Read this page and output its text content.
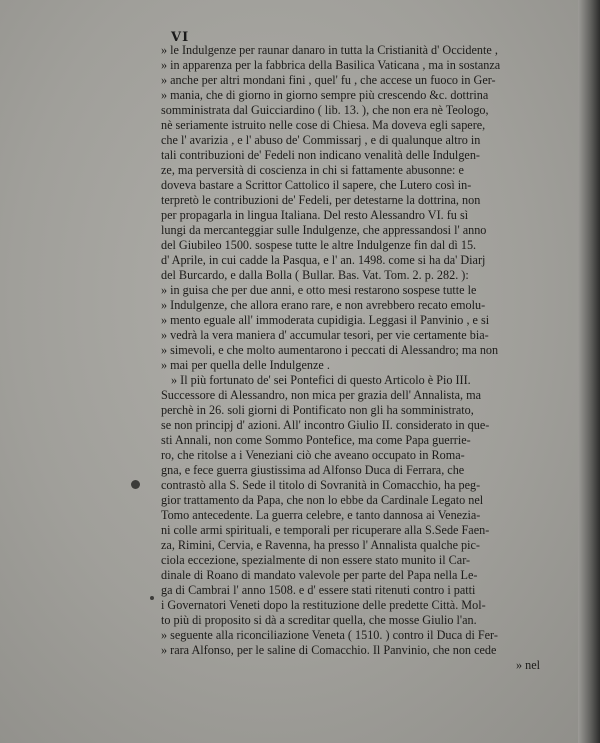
VI
» le Indulgenze per raunar danaro in tutta la Cristianità d' Occidente ,
» in apparenza per la fabbrica della Basilica Vaticana , ma in sostanza
» anche per altri mondani fini , quel' fu , che accese un fuoco in Ger-
» mania, che di giorno in giorno sempre più crescendo &c. dottrina
somministrata dal Guicciardino ( lib. 13. ), che non era nè Teologo,
nè seriamente istruito nelle cose di Chiesa. Ma doveva egli sapere,
che l' avarizia , e l' abuso de' Commissarj , e di qualunque altro in
tali contribuzioni de' Fedeli non indicano venalità delle Indulgen-
ze, ma perversità di coscienza in chi si fattamente abusonne: e
doveva bastare a Scrittor Cattolico il sapere, che Lutero così in-
terpretò le contribuzioni de' Fedeli, per detestarne la dottrina, non
per propagarla in lingua Italiana. Del resto Alessandro VI. fu sì
lungi da mercanteggiar sulle Indulgenze, che appressandosi l' anno
del Giubileo 1500. sospese tutte le altre Indulgenze fin dal dì 15.
d' Aprile, in cui cadde la Pasqua, e l' an. 1498. come si ha da' Diarj
del Burcardo, e dalla Bolla ( Bullar. Bas. Vat. Tom. 2. p. 282. ):
» in guisa che per due anni, e otto mesi restarono sospese tutte le
» Indulgenze, che allora erano rare, e non avrebbero recato emolu-
» mento eguale all' immoderata cupidigia. Leggasi il Panvinio , e si
» vedrà la vera maniera d' accumular tesori, per vie certamente bia-
» simevoli, e che molto aumentarono i peccati di Alessandro; ma non
» mai per quella delle Indulgenze .
» Il più fortunato de' sei Pontefici di questo Articolo è Pio III.
Successore di Alessandro, non mica per grazia dell' Annalista, ma
perchè in 26. soli giorni di Pontificato non gli ha somministrato,
se non principj d' azioni. All' incontro Giulio II. considerato in que-
sti Annali, non come Sommo Pontefice, ma come Papa guerrie-
ro, che ritolse a i Veneziani ciò che aveano occupato in Roma-
gna, e fece guerra giustissima ad Alfonso Duca di Ferrara, che
contrastò alla S. Sede il titolo di Sovranità in Comacchio, ha peg-
gior trattamento da Papa, che non lo ebbe da Cardinale Legato nel
Tomo antecedente. La guerra celebre, e tanto dannosa ai Venezia-
ni colle armi spirituali, e temporali per ricuperare alla S.Sede Faen-
za, Rimini, Cervia, e Ravenna, ha presso l' Annalista qualche pic-
ciola eccezione, spezialmente di non essere stato munito il Car-
dinale di Roano di mandato valevole per parte del Papa nella Le-
ga di Cambrai l' anno 1508. e d' essere stati ritenuti contro i patti
i Governatori Veneti dopo la restituzione delle predette Città. Mol-
to più di proposito si dà a screditar quella, che mosse Giulio l'an.
» seguente alla riconciliazione Veneta ( 1510. ) contro il Duca di Fer-
» rara Alfonso, per le saline di Comacchio. Il Panvinio, che non cede
» nel
